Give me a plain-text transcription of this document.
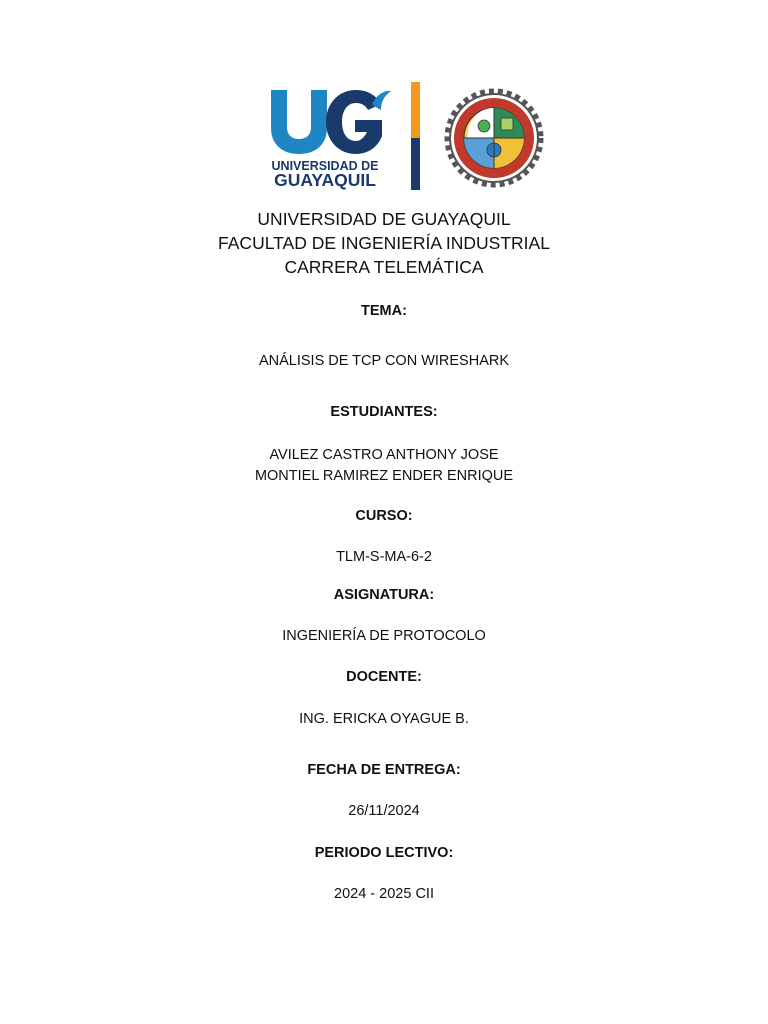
UNIVERSIDAD DE
GUAYAQUIL
UNIVERSIDAD DE GUAYAQUIL
FACULTAD DE INGENIERÍA INDUSTRIAL
CARRERA TELEMÁTICA
TEMA:
ANÁLISIS DE TCP CON WIRESHARK
ESTUDIANTES:
AVILEZ CASTRO ANTHONY JOSE
MONTIEL RAMIREZ ENDER ENRIQUE
CURSO:
TLM-S-MA-6-2
ASIGNATURA:
INGENIERÍA DE PROTOCOLO
DOCENTE:
ING. ERICKA OYAGUE B.
FECHA DE ENTREGA:
26/11/2024
PERIODO LECTIVO:
2024 - 2025 CII
